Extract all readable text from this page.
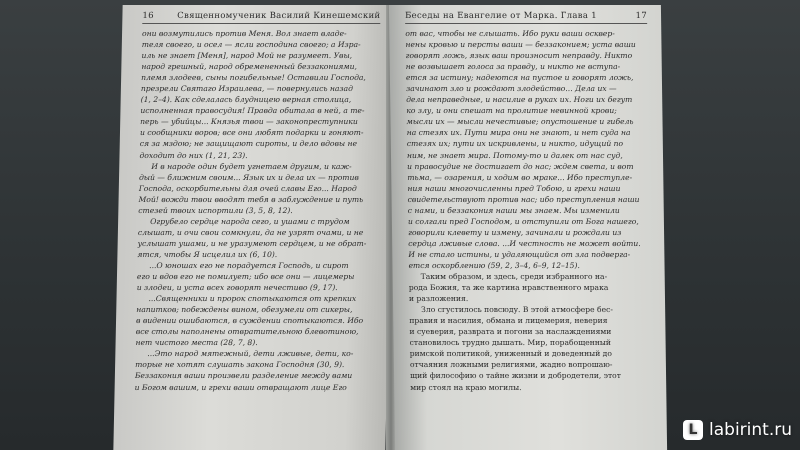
16	Священномученик Василий Кинешемский
они возмутились против Меня. Вол знает владе-
теля своего, и осел — ясли господина своего; а Изра-
иль не знает [Меня], народ Мой не разумеет. Увы,
народ грешный, народ обремененный беззакониями,
племя злодеев, сыны погибельные! Оставили Господа,
презрели Святаго Израилева, — повернулись назад
(1, 2–4). Как сделалась блудницею верная столица,
исполненная правосудия! Правда обитала в ней, а те-
перь — убийцы... Князья твои — законопреступники
и сообщники воров; все они любят подарки и гоняют-
ся за мздою; не защищают сироты, и дело вдовы не
доходит до них (1, 21, 23).
И в народе один будет угнетаем другим, и каж-
дый — ближним своим... Язык их и дела их — против
Господа, оскорбительны для очей славы Его... Народ
Мой! вожди твои вводят тебя в заблуждение и путь
стезей твоих испортили (3, 5, 8, 12).
Огрубело сердце народа сего, и ушами с трудом
слышат, и очи свои сомкнули, да не узрят очами, и не
услышат ушами, и не уразумеют сердцем, и не обрат-
ятся, чтобы Я исцелил их (6, 10).
...О юношах его не порадуется Господь, и сирот
его и вдов его не помилует; ибо все они — лицемеры
и злодеи, и уста всех говорят нечестиво (9, 17).
...Священники и пророк спотыкаются от крепких
напитков; побеждены вином, обезумели от сикеры,
в видении ошибаются, в суждении спотыкаются. Ибо
все столы наполнены отвратительною блевотиною,
нет чистого места (28, 7, 8).
...Это народ мятежный, дети лживые, дети, ко-
торые не хотят слушать закона Господня (30, 9).
Беззакония ваши произвели разделение между вами
и Богом вашим, и грехи ваши отвращают лице Его
Беседы на Евангелие от Марка. Глава 1	17
от вас, чтобы не слышать. Ибо руки ваши осквер-
нены кровью и персты ваши — беззаконием; уста ваши
говорят ложь, язык ваш произносит неправду. Никто
не возвышает голоса за правду, и никто не вступа-
ется за истину; надеются на пустое и говорят ложь,
зачинают зло и рождают злодейство... Дела их —
дела неправедные, и насилие в руках их. Ноги их бегут
ко злу, и они спешат на пролитие невинной крови;
мысли их — мысли нечестивые; опустошение и гибель
на стезях их. Пути мира они не знают, и нет суда на
стезях их; пути их искривлены, и никто, идущий по
ним, не знает мира. Потому-то и далек от нас суд,
и правосудие не достигает до нас; ждем света, и вот
тьма, — озарения, и ходим во мраке... Ибо преступле-
ния наши многочисленны пред Тобою, и грехи наши
свидетельствуют против нас; ибо преступления наши
с нами, и беззакония наши мы знаем. Мы изменили
и солгали пред Господом, и отступили от Бога нашего,
говорили клевету и измену, зачинали и рождали из
сердца лживые слова. ...И честность не может войти.
И не стало истины, и удаляющийся от зла подверга-
ется оскорблению (59, 2, 3–4, 6–9, 12–15).
Таким образом, и здесь, среди избранного на-
рода Божия, та же картина нравственного мрака
и разложения.
Зло сгустилось повсюду. В этой атмосфере бес-
правия и насилия, обмана и лицемерия, неверия
и суеверия, разврата и погони за наслаждениями
становилось трудно дышать. Мир, порабощенный
римской политикой, униженный и доведенный до
отчаяния ложными религиями, жадно вопрошаю-
щий философию о тайне жизни и добродетели, этот
мир стоял на краю могилы.
L labirint.ru
